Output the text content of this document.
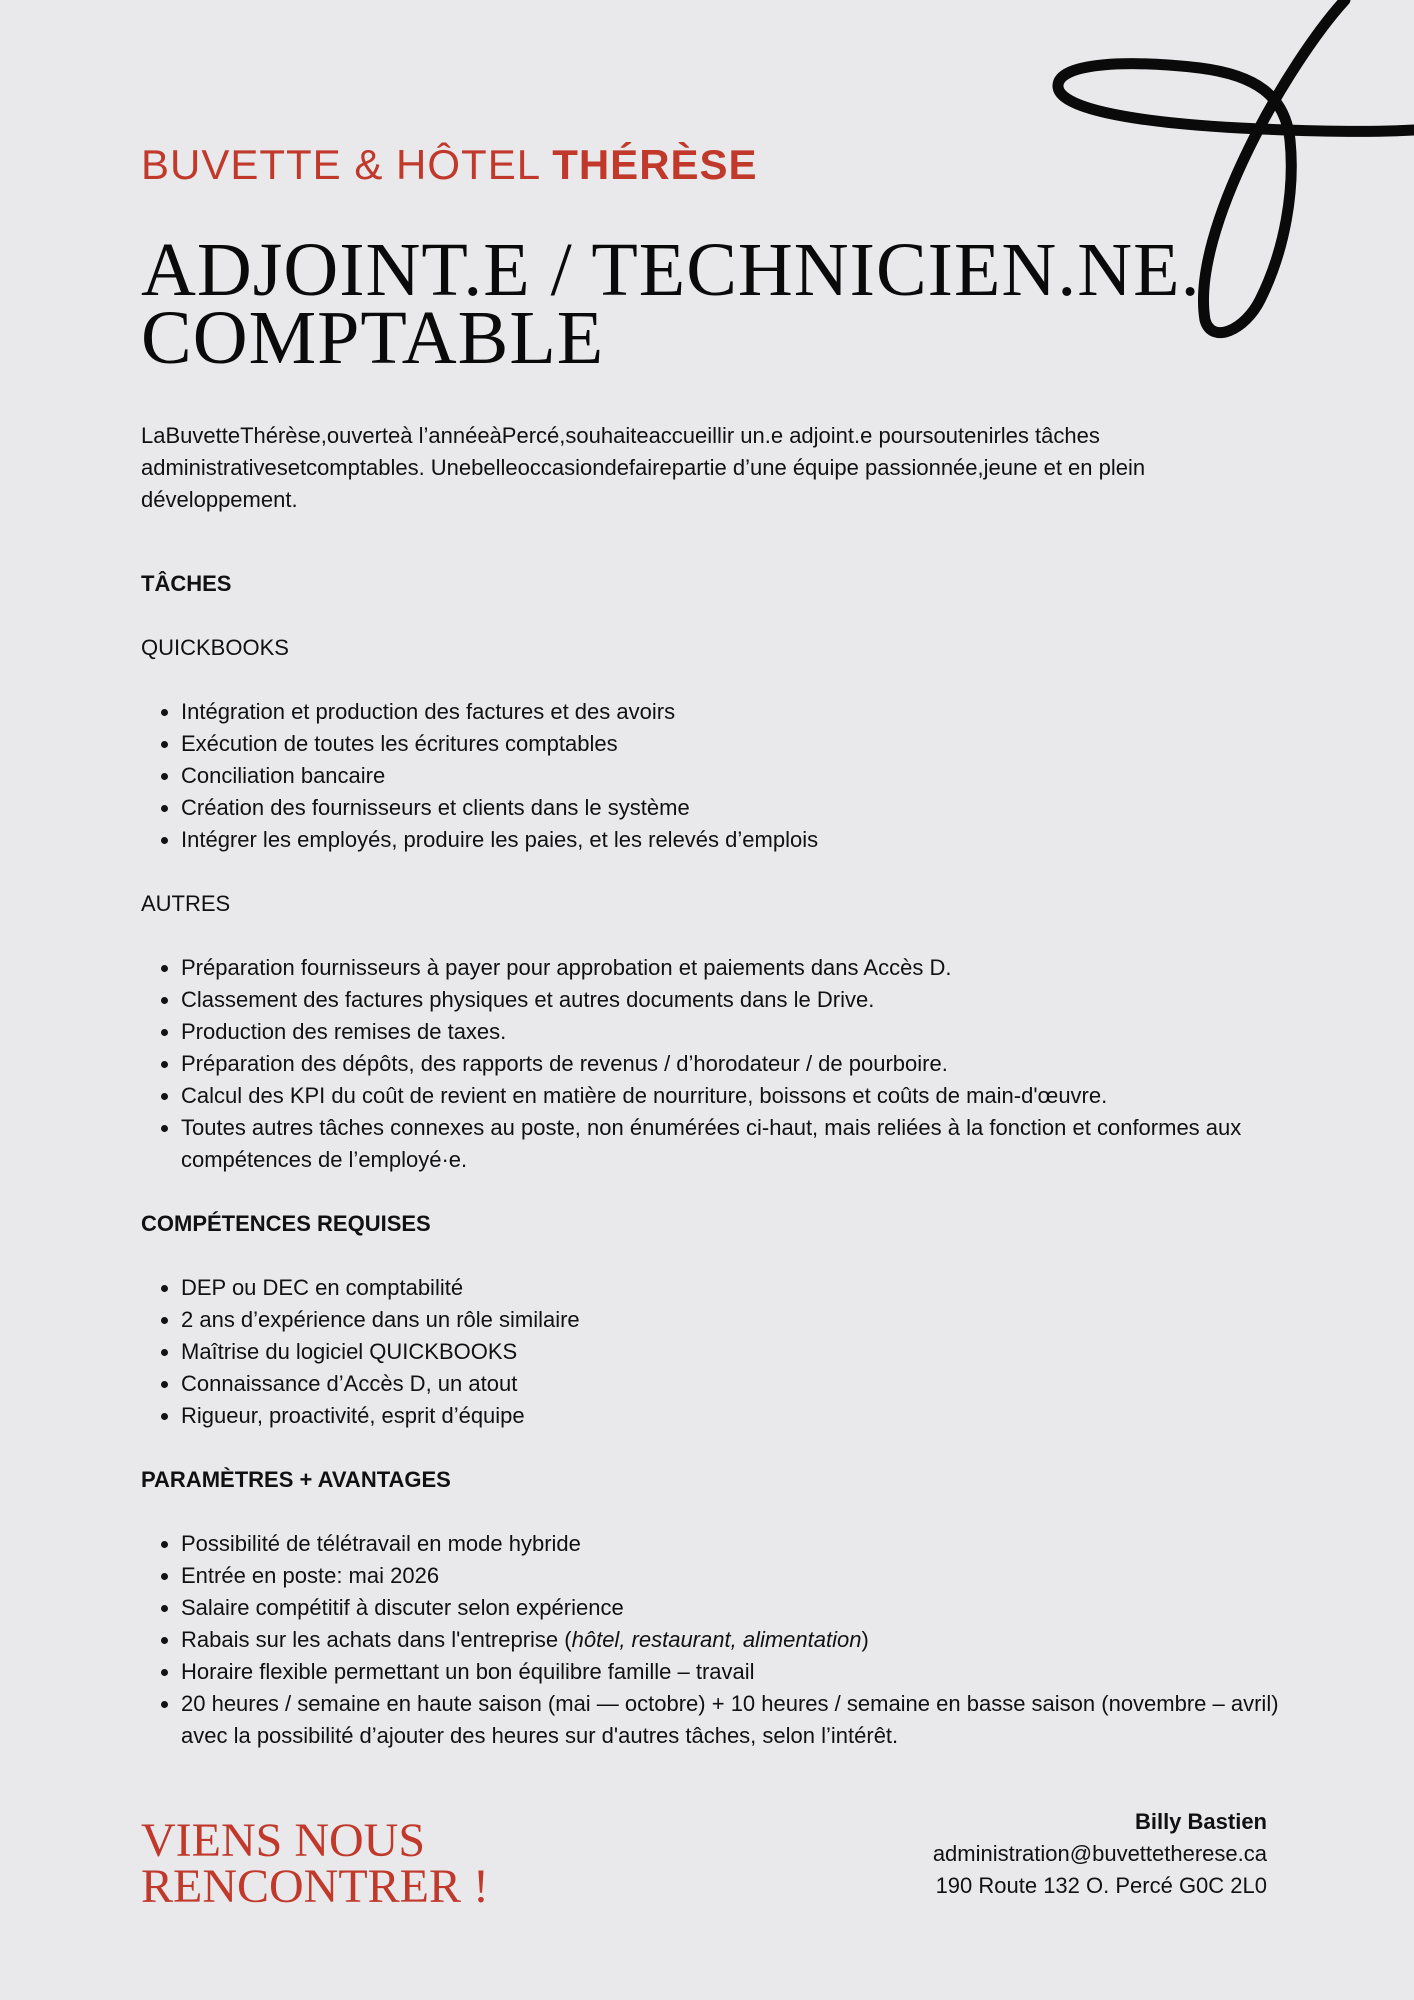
BUVETTE & HÔTEL THÉRÈSE
ADJOINT.E / TECHNICIEN.NE.
COMPTABLE

LaBuvetteThérèse,ouverteà l’annéeàPercé,souhaiteaccueillir un.e adjoint.e poursoutenirles tâches administrativesetcomptables. Unebelleoccasiondefairepartie d’une équipe passionnée,jeune et en plein développement.

TÂCHES

QUICKBOOKS

• Intégration et production des factures et des avoirs
• Exécution de toutes les écritures comptables
• Conciliation bancaire
• Création des fournisseurs et clients dans le système
• Intégrer les employés, produire les paies, et les relevés d’emplois

AUTRES

• Préparation fournisseurs à payer pour approbation et paiements dans Accès D.
• Classement des factures physiques et autres documents dans le Drive.
• Production des remises de taxes.
• Préparation des dépôts, des rapports de revenus / d’horodateur / de pourboire.
• Calcul des KPI du coût de revient en matière de nourriture, boissons et coûts de main-d'œuvre.
• Toutes autres tâches connexes au poste, non énumérées ci-haut, mais reliées à la fonction et conformes aux compétences de l’employé·e.

COMPÉTENCES REQUISES

• DEP ou DEC en comptabilité
• 2 ans d’expérience dans un rôle similaire
• Maîtrise du logiciel QUICKBOOKS
• Connaissance d’Accès D, un atout
• Rigueur, proactivité, esprit d’équipe

PARAMÈTRES + AVANTAGES

• Possibilité de télétravail en mode hybride
• Entrée en poste: mai 2026
• Salaire compétitif à discuter selon expérience
• Rabais sur les achats dans l'entreprise (hôtel, restaurant, alimentation)
• Horaire flexible permettant un bon équilibre famille – travail
• 20 heures / semaine en haute saison (mai — octobre) + 10 heures / semaine en basse saison (novembre – avril) avec la possibilité d’ajouter des heures sur d'autres tâches, selon l’intérêt.
VIENS NOUS
RENCONTRER !
Billy Bastien
administration@buvettetherese.ca
190 Route 132 O. Percé G0C 2L0
